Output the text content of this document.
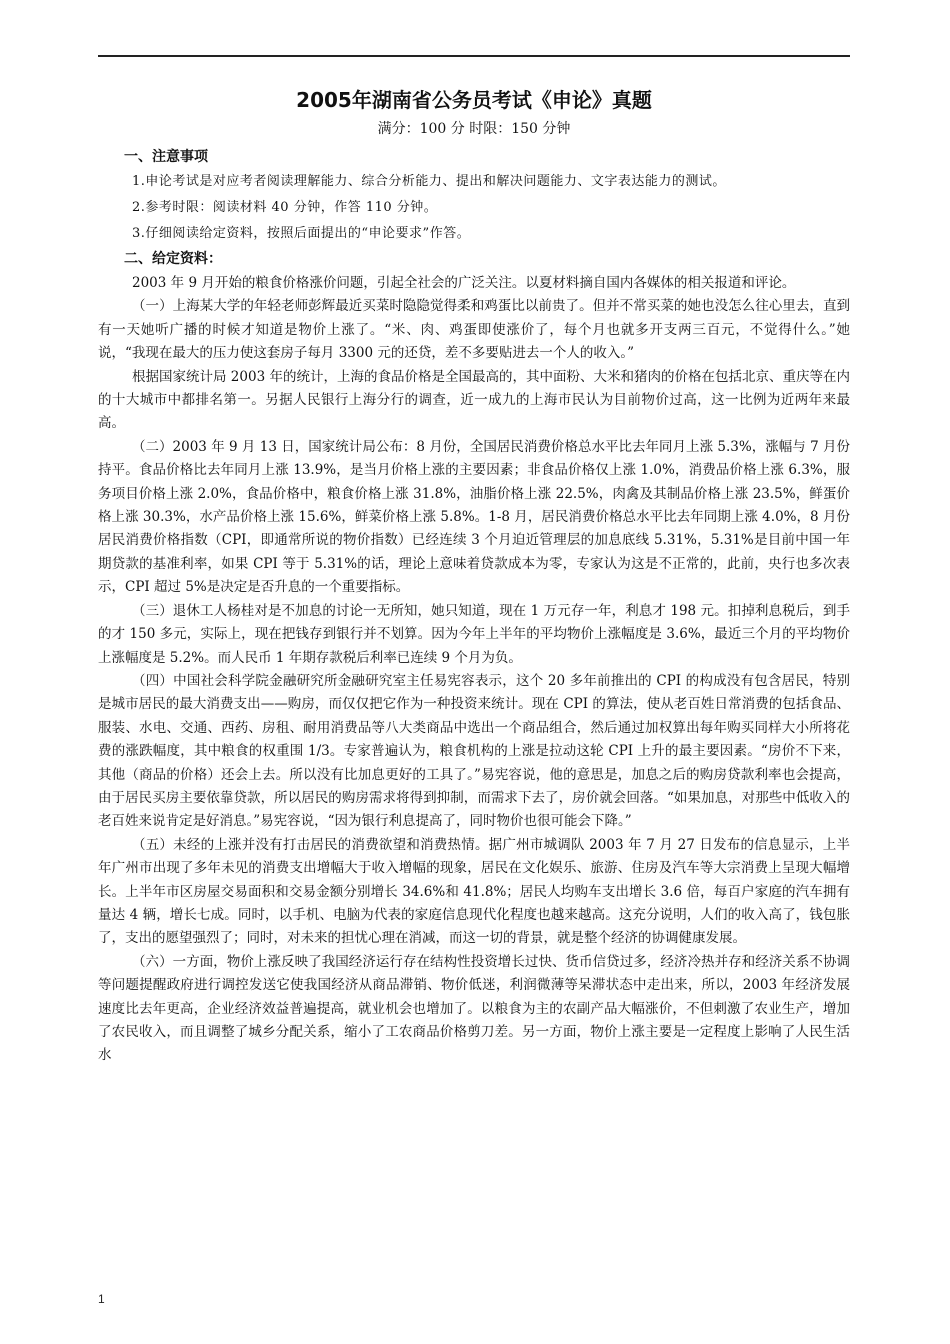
2005年湖南省公务员考试《申论》真题
满分：100 分 时限：150 分钟
一、注意事项

1.申论考试是对应考者阅读理解能力、综合分析能力、提出和解决问题能力、文字表达能力的测试。

2.参考时限：阅读材料 40 分钟，作答 110 分钟。

3.仔细阅读给定资料，按照后面提出的“申论要求”作答。

二、给定资料：

2003 年 9 月开始的粮食价格涨价问题，引起全社会的广泛关注。以夏材料摘自国内各媒体的相关报道和评论。

（一）上海某大学的年轻老师彭辉最近买菜时隐隐觉得柔和鸡蛋比以前贵了。但并不常买菜的她也没怎么往心里去，直到有一天她听广播的时候才知道是物价上涨了。“米、肉、鸡蛋即使涨价了，每个月也就多开支两三百元，不觉得什么。”她说，“我现在最大的压力使这套房子每月 3300 元的还贷，差不多要贴进去一个人的收入。”

根据国家统计局 2003 年的统计，上海的食品价格是全国最高的，其中面粉、大米和猪肉的价格在包括北京、重庆等在内的十大城市中都排名第一。另据人民银行上海分行的调查，近一成九的上海市民认为目前物价过高，这一比例为近两年来最高。

（二）2003 年 9 月 13 日，国家统计局公布：8 月份，全国居民消费价格总水平比去年同月上涨 5.3%，涨幅与 7 月份持平。食品价格比去年同月上涨 13.9%，是当月价格上涨的主要因素；非食品价格仅上涨 1.0%，消费品价格上涨 6.3%，服务项目价格上涨 2.0%，食品价格中，粮食价格上涨 31.8%，油脂价格上涨 22.5%，肉禽及其制品价格上涨 23.5%，鲜蛋价格上涨 30.3%，水产品价格上涨 15.6%，鲜菜价格上涨 5.8%。1-8 月，居民消费价格总水平比去年同期上涨 4.0%，8 月份居民消费价格指数（CPI，即通常所说的物价指数）已经连续 3 个月迫近管理层的加息底线 5.31%，5.31%是目前中国一年期贷款的基准利率，如果 CPI 等于 5.31%的话，理论上意味着贷款成本为零，专家认为这是不正常的，此前，央行也多次表示，CPI 超过 5%是决定是否升息的一个重要指标。

（三）退休工人杨桂对是不加息的讨论一无所知，她只知道，现在 1 万元存一年，利息才 198 元。扣掉利息税后，到手的才 150 多元，实际上，现在把钱存到银行并不划算。因为今年上半年的平均物价上涨幅度是 3.6%，最近三个月的平均物价上涨幅度是 5.2%。而人民币 1 年期存款税后利率已连续 9 个月为负。

（四）中国社会科学院金融研究所金融研究室主任易宪容表示，这个 20 多年前推出的 CPI 的构成没有包含居民，特别是城市居民的最大消费支出——购房，而仅仅把它作为一种投资来统计。现在 CPI 的算法，使从老百姓日常消费的包括食品、服装、水电、交通、西药、房租、耐用消费品等八大类商品中选出一个商品组合，然后通过加权算出每年购买同样大小所将花费的涨跌幅度，其中粮食的权重围 1/3。专家普遍认为，粮食机构的上涨是拉动这轮 CPI 上升的最主要因素。“房价不下来，其他（商品的价格）还会上去。所以没有比加息更好的工具了。”易宪容说，他的意思是，加息之后的购房贷款利率也会提高，由于居民买房主要依靠贷款，所以居民的购房需求将得到抑制，而需求下去了，房价就会回落。“如果加息，对那些中低收入的老百姓来说肯定是好消息。”易宪容说，“因为银行利息提高了，同时物价也很可能会下降。”

（五）未经的上涨并没有打击居民的消费欲望和消费热情。据广州市城调队 2003 年 7 月 27 日发布的信息显示，上半年广州市出现了多年未见的消费支出增幅大于收入增幅的现象，居民在文化娱乐、旅游、住房及汽车等大宗消费上呈现大幅增长。上半年市区房屋交易面积和交易金额分别增长 34.6%和 41.8%；居民人均购车支出增长 3.6 倍，每百户家庭的汽车拥有量达 4 辆，增长七成。同时，以手机、电脑为代表的家庭信息现代化程度也越来越高。这充分说明，人们的收入高了，钱包胀了，支出的愿望强烈了；同时，对未来的担忧心理在消减，而这一切的背景，就是整个经济的协调健康发展。

（六）一方面，物价上涨反映了我国经济运行存在结构性投资增长过快、货币信贷过多，经济冷热并存和经济关系不协调等问题提醒政府进行调控发送它使我国经济从商品滞销、物价低迷，利润微薄等呆滞状态中走出来，所以，2003 年经济发展速度比去年更高，企业经济效益普遍提高，就业机会也增加了。以粮食为主的农副产品大幅涨价，不但刺激了农业生产，增加了农民收入，而且调整了城乡分配关系，缩小了工农商品价格剪刀差。另一方面，物价上涨主要是一定程度上影响了人民生活水

1
